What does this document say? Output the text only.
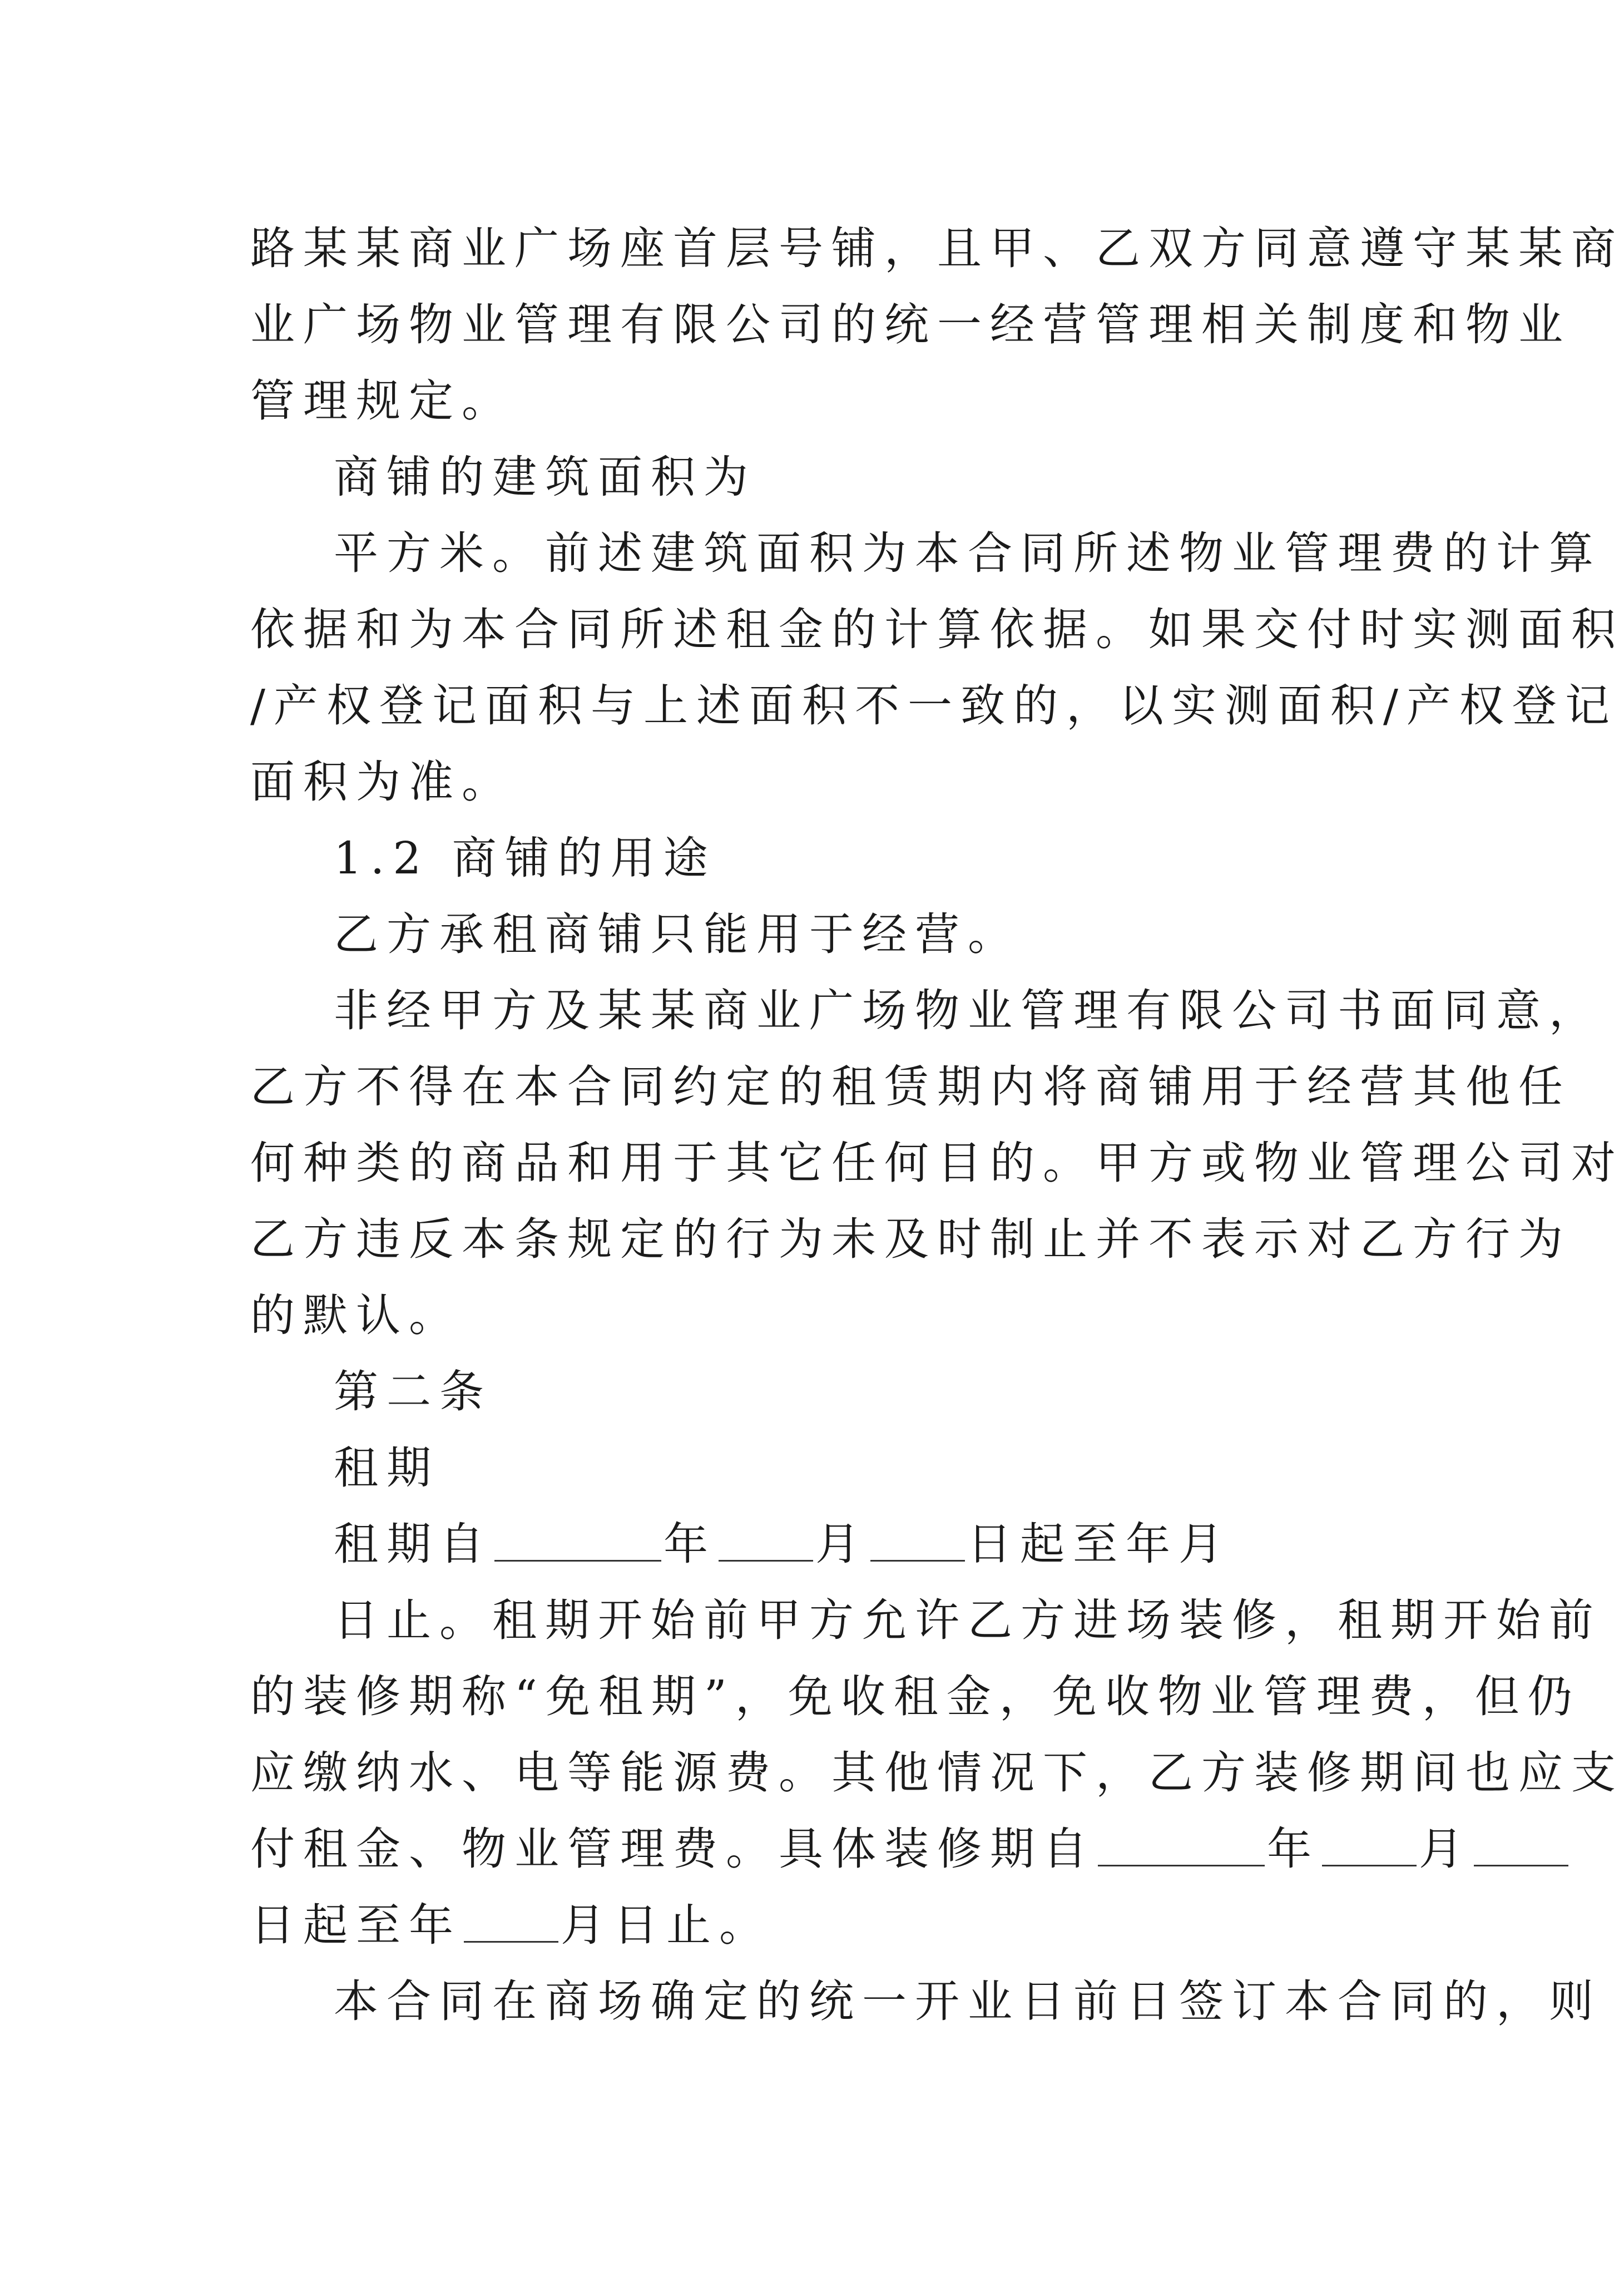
路某某商业广场座首层号铺，且甲、乙双方同意遵守某某商
业广场物业管理有限公司的统一经营管理相关制度和物业
管理规定。
商铺的建筑面积为
平方米。前述建筑面积为本合同所述物业管理费的计算
依据和为本合同所述租金的计算依据。如果交付时实测面积
/产权登记面积与上述面积不一致的，以实测面积/产权登记
面积为准。
1.2 商铺的用途
乙方承租商铺只能用于经营。
非经甲方及某某商业广场物业管理有限公司书面同意，
乙方不得在本合同约定的租赁期内将商铺用于经营其他任
何种类的商品和用于其它任何目的。甲方或物业管理公司对
乙方违反本条规定的行为未及时制止并不表示对乙方行为
的默认。
第二条
租期
租期自	年 月 日起至年月
日止。租期开始前甲方允许乙方进场装修，租期开始前
的装修期称“免租期”，免收租金，免收物业管理费，但仍
应缴纳水、电等能源费。其他情况下，乙方装修期间也应支
付租金、物业管理费。具体装修期自	年 月
日起至年 月日止。
本合同在商场确定的统一开业日前日签订本合同的，则
